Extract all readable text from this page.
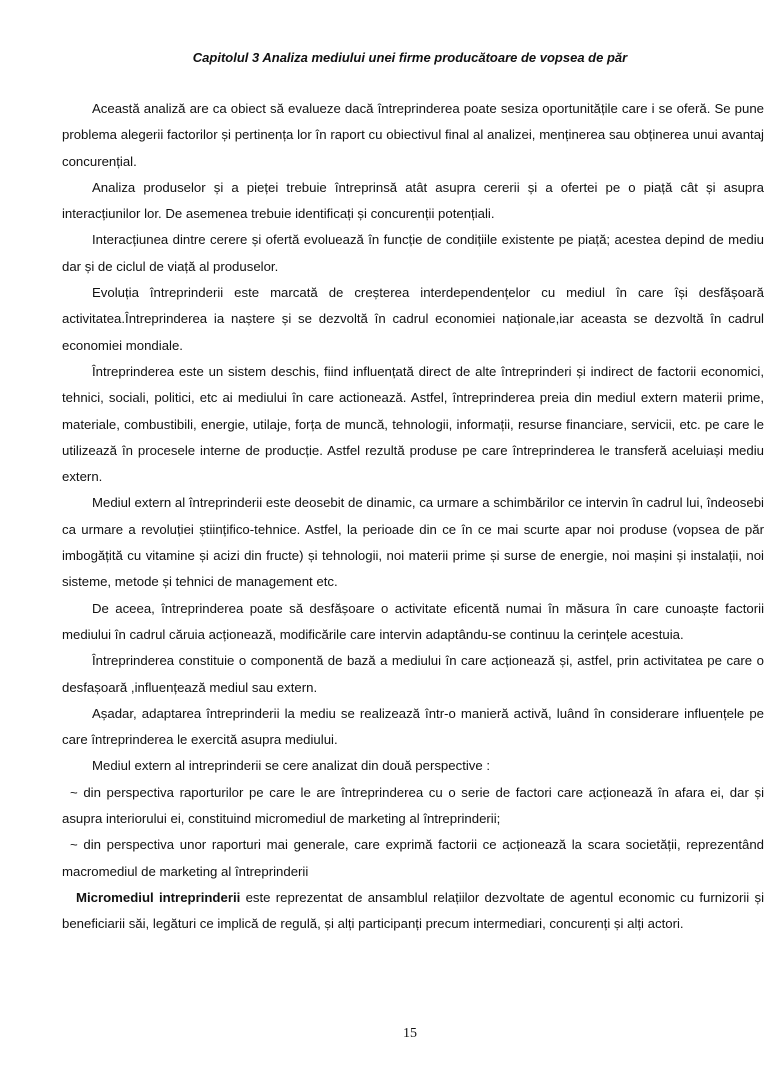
Capitolul 3 Analiza mediului unei firme producătoare de vopsea de păr

Această analiză are ca obiect să evalueze dacă întreprinderea poate sesiza oportunitățile care i se oferă. Se pune problema alegerii factorilor și pertinența lor în raport cu obiectivul final al analizei, menținerea sau obținerea unui avantaj concurențial.

Analiza produselor și a pieței trebuie întreprinsă atât asupra cererii și a ofertei pe o piață cât și asupra interacțiunilor lor. De asemenea trebuie identificați și concurenții potențiali.

Interacțiunea dintre cerere și ofertă evoluează în funcție de condițiile existente pe piață; acestea depind de mediu dar și de ciclul de viață al produselor.

Evoluția întreprinderii este marcată de creșterea interdependențelor cu mediul în care își desfășoară activitatea.Întreprinderea ia naștere și se dezvoltă în cadrul economiei naționale,iar aceasta se dezvoltă în cadrul economiei mondiale.

Întreprinderea este un sistem deschis, fiind influențată direct de alte întreprinderi și indirect de factorii economici, tehnici, sociali, politici, etc ai mediului în care actionează. Astfel, întreprinderea preia din mediul extern materii prime, materiale, combustibili, energie, utilaje, forța de muncă, tehnologii, informații, resurse financiare, servicii, etc. pe care le utilizează în procesele interne de producție. Astfel rezultă produse pe care întreprinderea le transferă aceluiași mediu extern.

Mediul extern al întreprinderii este deosebit de dinamic, ca urmare a schimbărilor ce intervin în cadrul lui, îndeosebi ca urmare a revoluției științifico-tehnice. Astfel, la perioade din ce în ce mai scurte apar noi produse (vopsea de păr imbogățită cu vitamine și acizi din fructe) și tehnologii, noi materii prime și surse de energie, noi mașini și instalații, noi sisteme, metode și tehnici de management etc.

De aceea, întreprinderea poate să desfășoare o activitate eficentă numai în măsura în care cunoaște factorii mediului în cadrul căruia acționează, modificările care intervin adaptându-se continuu la cerințele acestuia.

Întreprinderea constituie o componentă de bază a mediului în care acționează și, astfel, prin activitatea pe care o desfașoară ,influențează mediul sau extern.

Așadar, adaptarea întreprinderii la mediu se realizează într-o manieră activă, luând în considerare influențele pe care întreprinderea le exercită asupra mediului.

Mediul extern al intreprinderii se cere analizat din două perspective :

~ din perspectiva raporturilor pe care le are întreprinderea cu o serie de factori care acționează în afara ei, dar și asupra interiorului ei, constituind micromediul de marketing al întreprinderii;

~ din perspectiva unor raporturi mai generale, care exprimă factorii ce acționează la scara societății, reprezentând macromediul de marketing al întreprinderii

Micromediul intreprinderii este reprezentat de ansamblul relațiilor dezvoltate de agentul economic cu furnizorii și beneficiarii săi, legături ce implică de regulă, și alți participanți precum intermediari, concurenți și alți actori.

15
